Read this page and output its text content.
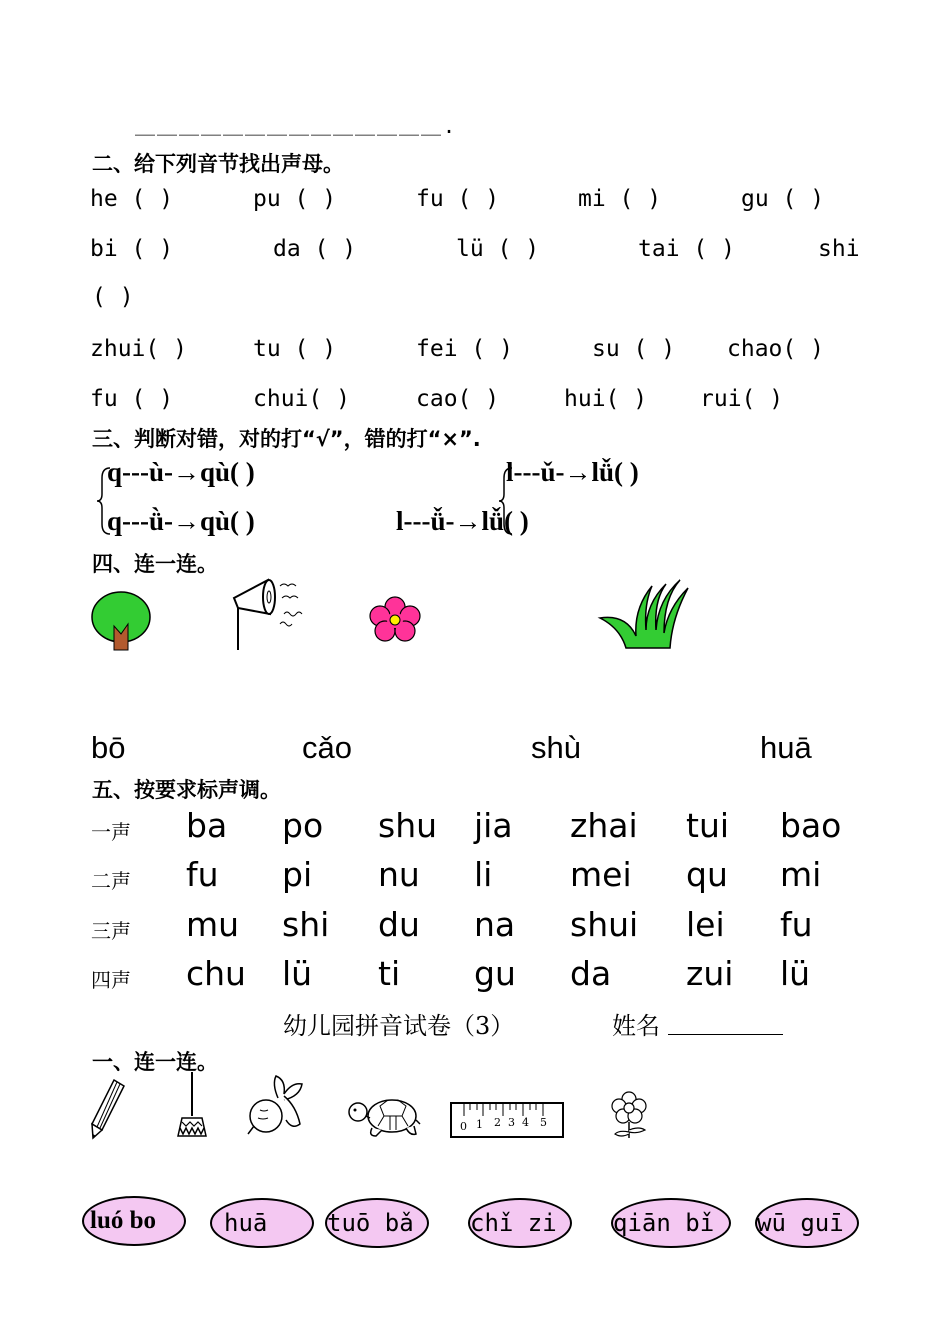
＿＿＿＿＿＿＿＿＿＿＿＿＿＿.
二、给下列音节找出声母。
he ( )	pu ( )	fu ( )	mi ( )	gu ( )
bi ( )	da ( )	lü ( )	tai ( )	shi
( )
zhui( )	tu ( )	fei ( )	su ( ) chao( )
fu ( )	chui( )	cao( )	hui( ) rui( )
三、判断对错，对的打“√”，错的打“×”.
q---ù-→qù( )
q---ǜ-→qù( )
l---ǔ-→lǚ( )
l---ǚ-→lǚ( )
四、连一连。
bō	cǎo	shù	huā
五、按要求标声调。
一声 ba po shu jia zhai tui bao
二声 fu pi nu li mei qu mi
三声 mu shi du na shui lei fu
四声 chu lü ti gu da zui lü
幼儿园拼音试卷（3）	姓名
一、连一连。
0 1 2 3 4 5
luó bo	huā tuō bǎ chǐ zi qiān bǐ wū guī
